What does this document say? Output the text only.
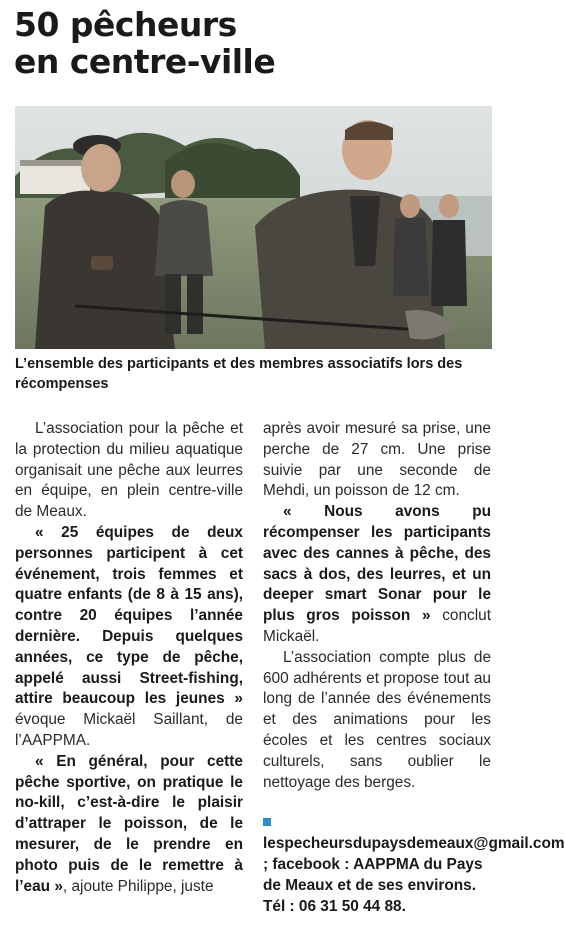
50 pêcheurs
en centre-ville

L’ensemble des participants et des membres associatifs lors des récompenses

L’association pour la pêche et la protection du milieu aquatique organisait une pêche aux leurres en équipe, en plein centre-ville de Meaux.

« 25 équipes de deux personnes participent à cet événement, trois femmes et quatre enfants (de 8 à 15 ans), contre 20 équipes l’année dernière. Depuis quelques années, ce type de pêche, appelé aussi Street-fishing, attire beaucoup les jeunes » évoque Mickaël Saillant, de l’AAPPMA.

« En général, pour cette pêche sportive, on pratique le no-kill, c’est-à-dire le plaisir d’attraper le poisson, de le mesurer, de le prendre en photo puis de le remettre à l’eau », ajoute Philippe, juste

après avoir mesuré sa prise, une perche de 27 cm. Une prise suivie par une seconde de Mehdi, un poisson de 12 cm.

« Nous avons pu récompenser les participants avec des cannes à pêche, des sacs à dos, des leurres, et un deeper smart Sonar pour le plus gros poisson » conclut Mickaël.

L’association compte plus de 600 adhérents et propose tout au long de l’année des événements et des animations pour les écoles et les centres sociaux culturels, sans oublier le nettoyage des berges.

lespecheursdupaysdemeaux@gmail.com ; facebook : AAPPMA du Pays de Meaux et de ses environs. Tél : 06 31 50 44 88.
